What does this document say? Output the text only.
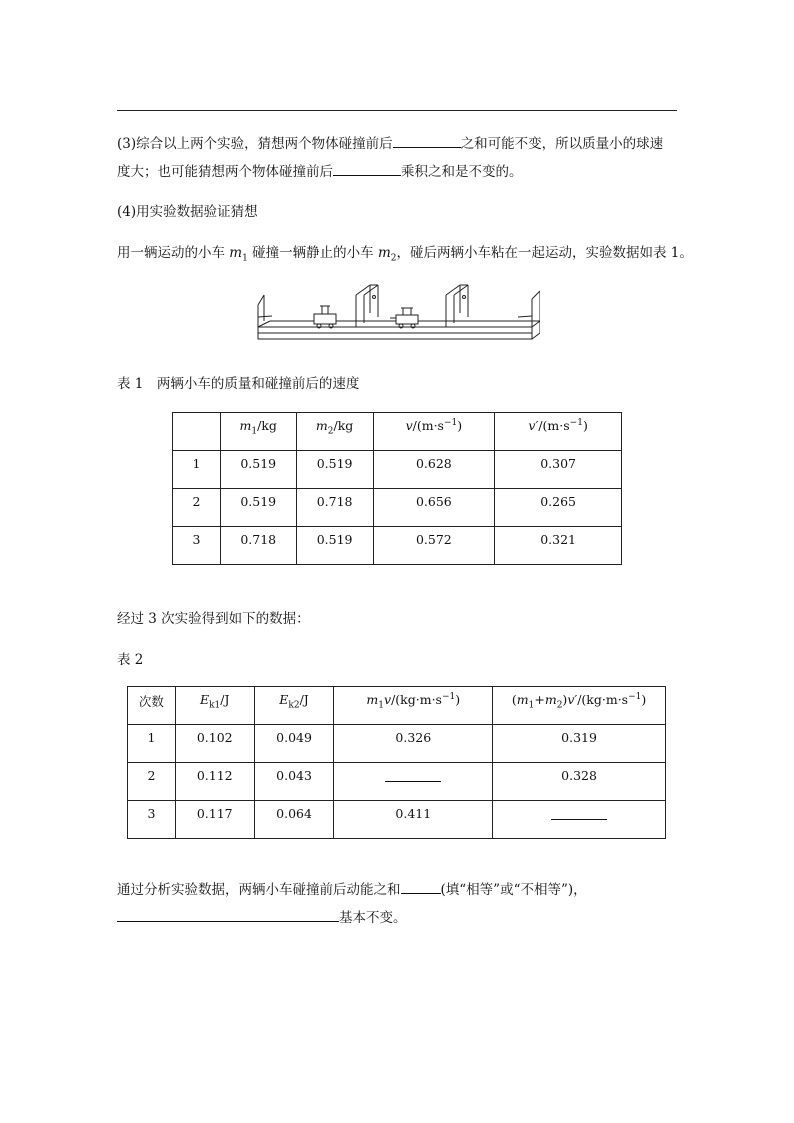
(3)综合以上两个实验，猜想两个物体碰撞前后	之和可能不变，所以质量小的球速
度大；也可能猜想两个物体碰撞前后	乘积之和是不变的。
(4)用实验数据验证猜想
用一辆运动的小车 $m_1$ 碰撞一辆静止的小车 $m_2$，碰后两辆小车粘在一起运动，实验数据如表 1。
表 1　两辆小车的质量和碰撞前后的速度

	$m_1/kg$	$m_2/kg$	$v/(m\cdot s^{-1})$	$v'/(m\cdot s^{-1})$

1	0.519	0.519	0.628	0.307

2	0.519	0.718	0.656	0.265

3	0.718	0.519	0.572	0.321
经过 3 次实验得到如下的数据：
表 2
次数	$E_{k1}/J$	$E_{k2}/J$	$m_1v/(kg\cdot m\cdot s^{-1})$	$(m_1+m_2)v'/(kg\cdot m\cdot s^{-1})$

1	0.102	0.049	0.326	0.319

2	0.112	0.043		0.328

3	0.117	0.064	0.411	

通过分析实验数据，两辆小车碰撞前后动能之和	(填“相等”或“不相等”)，
基本不变。
